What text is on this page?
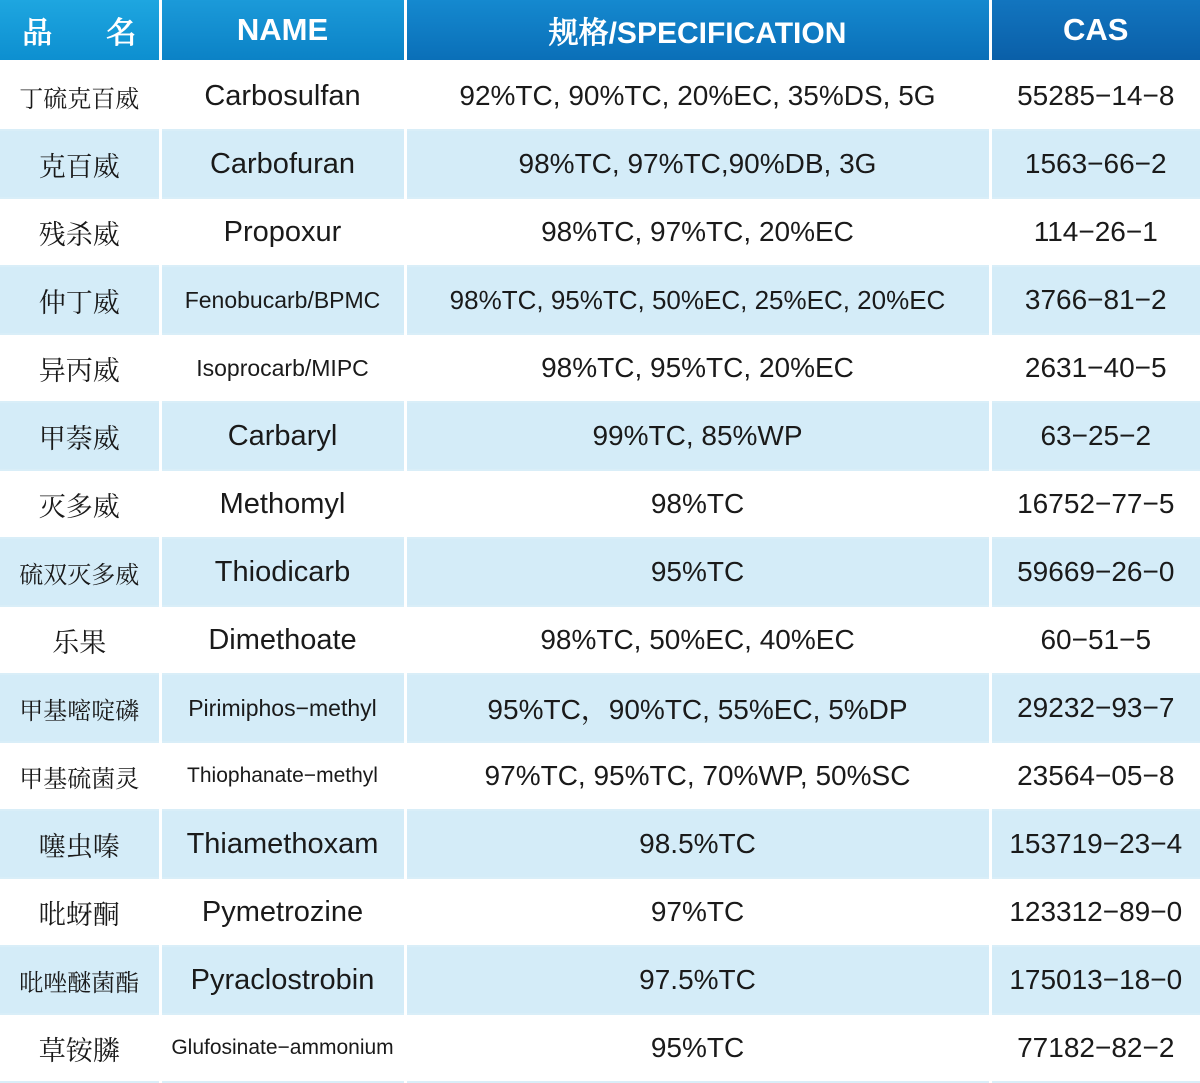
品　名	NAME	规格/SPECIFICATION	CAS
丁硫克百威	Carbosulfan	92%TC, 90%TC, 20%EC, 35%DS, 5G	55285−14−8
克百威	Carbofuran	98%TC, 97%TC,90%DB, 3G	1563−66−2
残杀威	Propoxur	98%TC, 97%TC, 20%EC	114−26−1
仲丁威	Fenobucarb/BPMC	98%TC, 95%TC, 50%EC, 25%EC, 20%EC	3766−81−2
异丙威	Isoprocarb/MIPC	98%TC, 95%TC, 20%EC	2631−40−5
甲萘威	Carbaryl	99%TC, 85%WP	63−25−2
灭多威	Methomyl	98%TC	16752−77−5
硫双灭多威	Thiodicarb	95%TC	59669−26−0
乐果	Dimethoate	98%TC, 50%EC, 40%EC	60−51−5
甲基嘧啶磷	Pirimiphos−methyl	95%TC，90%TC, 55%EC, 5%DP	29232−93−7
甲基硫菌灵	Thiophanate−methyl	97%TC, 95%TC, 70%WP, 50%SC	23564−05−8
噻虫嗪	Thiamethoxam	98.5%TC	153719−23−4
吡蚜酮	Pymetrozine	97%TC	123312−89−0
吡唑醚菌酯	Pyraclostrobin	97.5%TC	175013−18−0
草铵膦	Glufosinate−ammonium	95%TC	77182−82−2
